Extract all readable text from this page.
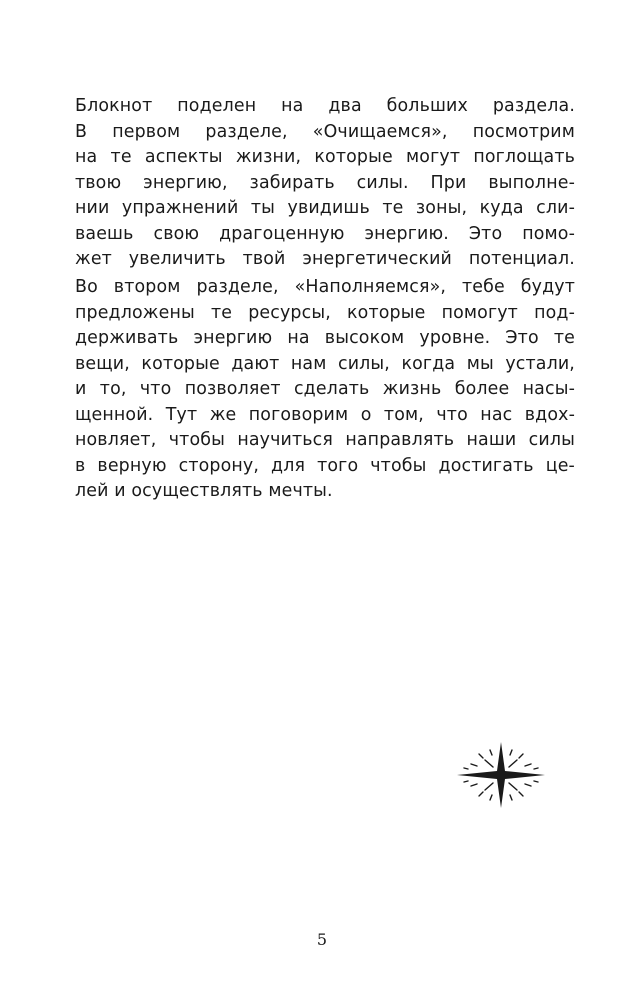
Блокнот поделен на два больших раздела.
В первом разделе, «Очищаемся», посмотрим
на те аспекты жизни, которые могут поглощать
твою энергию, забирать силы. При выполне-
нии упражнений ты увидишь те зоны, куда сли-
ваешь свою драгоценную энергию. Это помо-
жет увеличить твой энергетический потенциал.
Во втором разделе, «Наполняемся», тебе будут
предложены те ресурсы, которые помогут под-
держивать энергию на высоком уровне. Это те
вещи, которые дают нам силы, когда мы устали,
и то, что позволяет сделать жизнь более насы-
щенной. Тут же поговорим о том, что нас вдох-
новляет, чтобы научиться направлять наши силы
в верную сторону, для того чтобы достигать це-
лей и осуществлять мечты.
5
